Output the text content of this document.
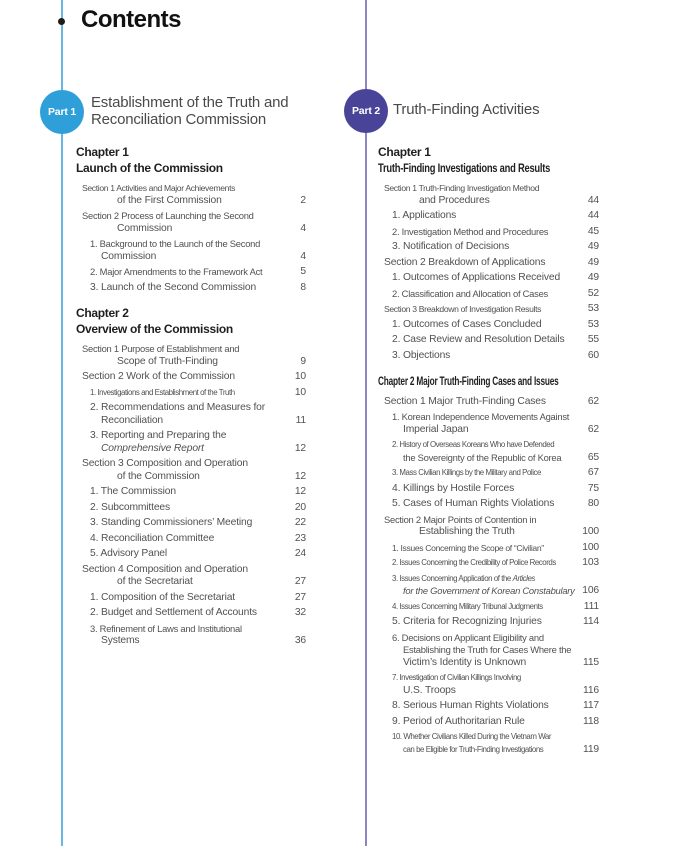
Contents
Part 1
Establishment of the Truth and
Reconciliation Commission	Part 2 Truth-Finding Activities
Chapter 1
Launch of the Commission
Section 1 Activities and Major Achievements
of the First Commission	2
Section 2 Process of Launching the Second
Commission	4
1. Background to the Launch of the Second
Commission	4
2. Major Amendments to the Framework Act	5
3. Launch of the Second Commission	8
Chapter 2
Overview of the Commission
Section 1 Purpose of Establishment and
Scope of Truth-Finding	9
Section 2 Work of the Commission	10
1. Investigations and Establishment of the Truth	10
2. Recommendations and Measures for
Reconciliation	11
3. Reporting and Preparing the
Comprehensive Report	12
Section 3 Composition and Operation
of the Commission	12
1. The Commission	12
2. Subcommittees	20
3. Standing Commissioners’ Meeting	22
4. Reconciliation Committee	23
5. Advisory Panel	24
Section 4 Composition and Operation
of the Secretariat	27
1. Composition of the Secretariat	27
2. Budget and Settlement of Accounts	32
3. Refinement of Laws and Institutional
Systems	36
Chapter 1
Truth-Finding Investigations and Results
Section 1 Truth-Finding Investigation Method
and Procedures	44
1. Applications	44
2. Investigation Method and Procedures	45
3. Notification of Decisions	49
Section 2 Breakdown of Applications	49
1. Outcomes of Applications Received	49
2. Classification and Allocation of Cases	52
Section 3 Breakdown of Investigation Results	53
1. Outcomes of Cases Concluded	53
2. Case Review and Resolution Details	55
3. Objections	60
Chapter 2 Major Truth-Finding Cases and Issues
Section 1 Major Truth-Finding Cases	62
1. Korean Independence Movements Against
Imperial Japan	62
2. History of Overseas Koreans Who have Defended
the Sovereignty of the Republic of Korea	65
3. Mass Civilian Killings by the Military and Police	67
4. Killings by Hostile Forces	75
5. Cases of Human Rights Violations	80
Section 2 Major Points of Contention in
Establishing the Truth	100
1. Issues Concerning the Scope of “Civilian”	100
2. Issues Concerning the Credibility of Police Records	103
3. Issues Concerning Application of the Articles
for the Government of Korean Constabulary 106
4. Issues Concerning Military Tribunal Judgments	111
5. Criteria for Recognizing Injuries	114
6. Decisions on Applicant Eligibility and
Establishing the Truth for Cases Where the
Victim’s Identity is Unknown	115
7. Investigation of Civilian Killings Involving
U.S. Troops	116
8. Serious Human Rights Violations	117
9. Period of Authoritarian Rule	118
10. Whether Civilians Killed During the Vietnam War
can be Eligible for Truth-Finding Investigations	119
